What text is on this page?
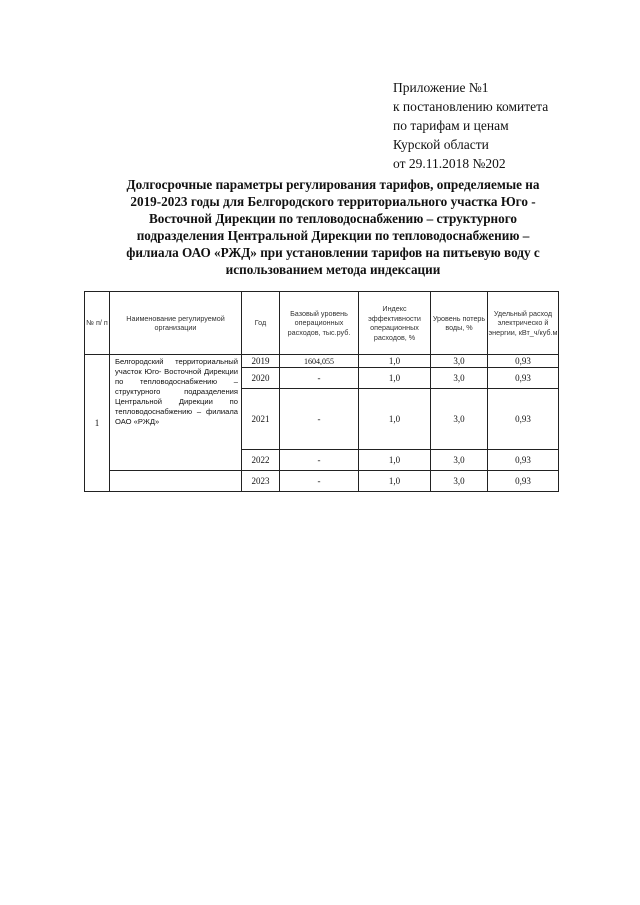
Приложение №1
к постановлению комитета
по тарифам и ценам
Курской области
от 29.11.2018 №202
Долгосрочные параметры регулирования тарифов, определяемые на
2019-2023 годы для Белгородского территориального участка Юго -
Восточной Дирекции по тепловодоснабжению – структурного
подразделения Центральной Дирекции по тепловодоснабжению –
филиала ОАО «РЖД» при установлении тарифов на питьевую воду с
использованием метода индексации
№ п/ п	Наименование регулируемой организации	Год	Базовый уровень операционных расходов, тыс.руб.	Индекс эффективности операционных расходов, %	Уровень потерь воды, %	Удельный расход электрическо й энергии, кВт_ч/куб.м
1	Белгородский территориальный участок Юго- Восточной Дирекции по тепловодоснабжению – структурного подразделения Центральной Дирекции по тепловодоснабжению – филиала ОАО «РЖД»	2019	1604,055	1,0	3,0	0,93
		2020	-	1,0	3,0	0,93
		2021	-	1,0	3,0	0,93
		2022	-	1,0	3,0	0,93
		2023	-	1,0	3,0	0,93
